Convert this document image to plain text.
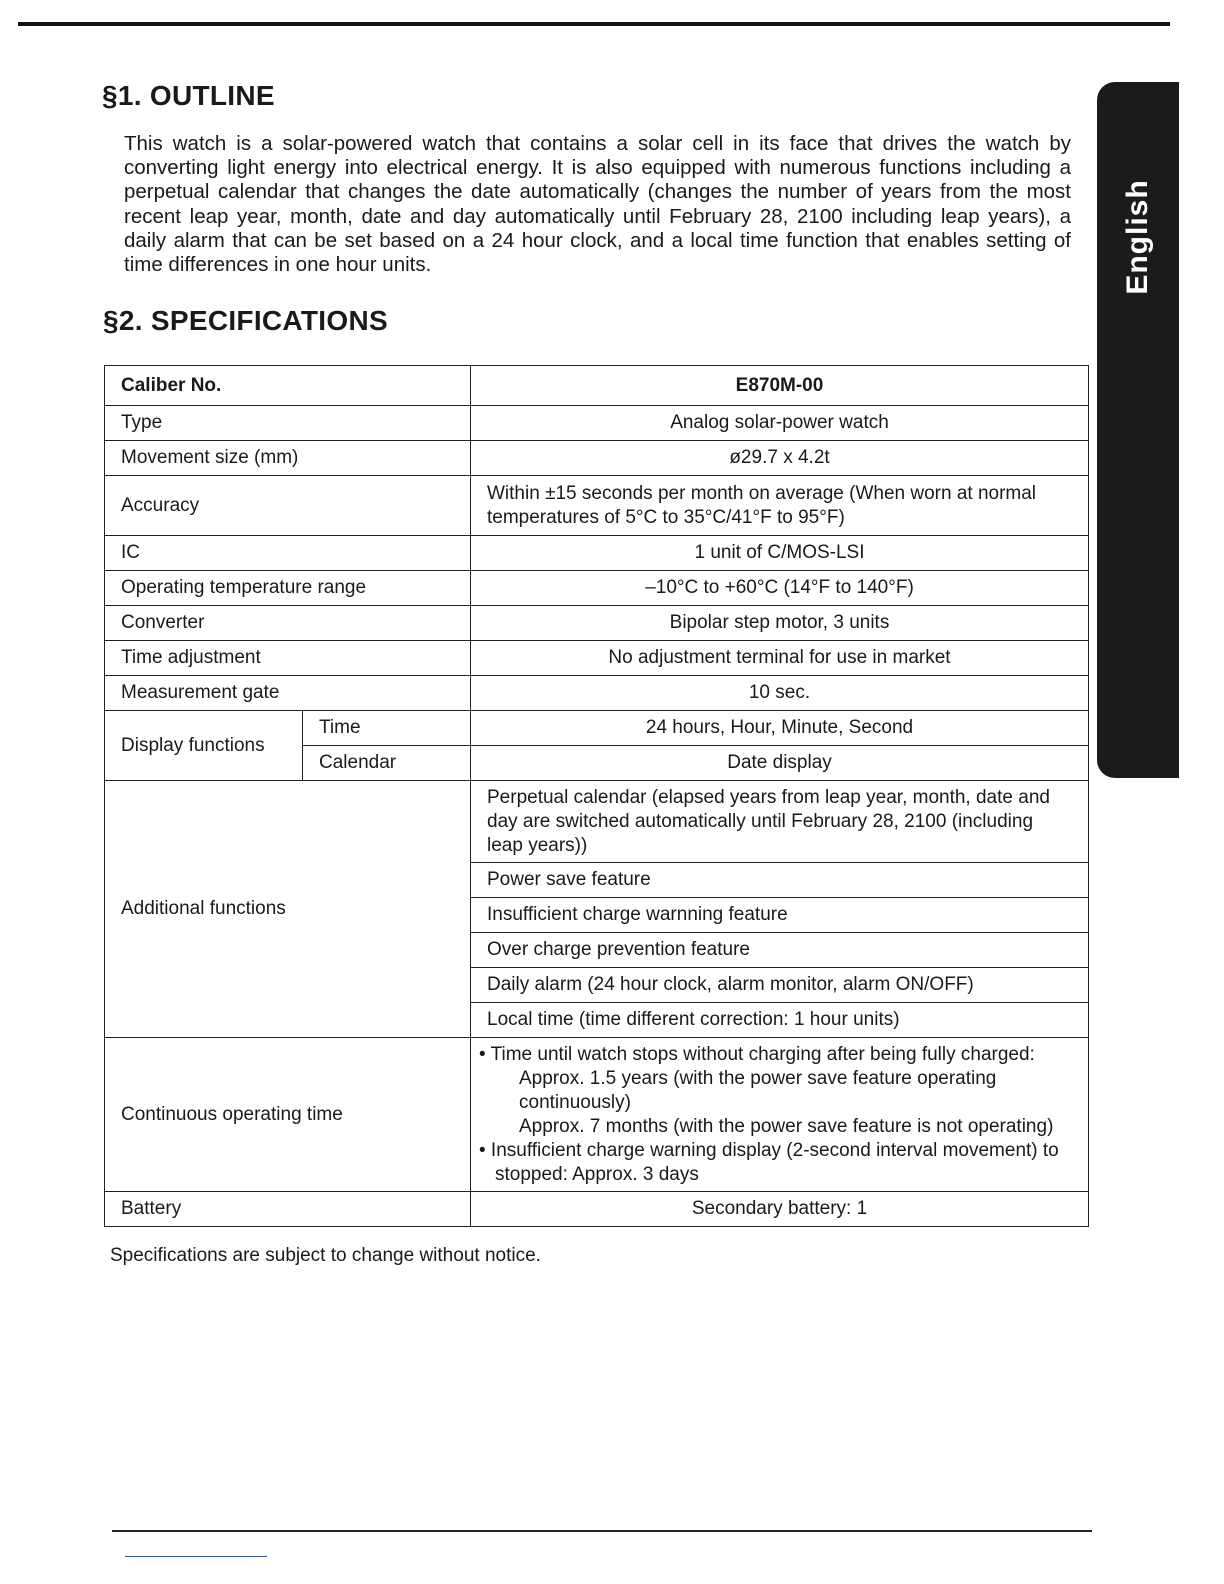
English
§1. OUTLINE

This watch is a solar-powered watch that contains a solar cell in its face that drives the watch by converting light energy into electrical energy. It is also equipped with numerous functions including a perpetual calendar that changes the date automatically (changes the number of years from the most recent leap year, month, date and day automatically until February 28, 2100 including leap years), a daily alarm that can be set based on a 24 hour clock, and a local time function that enables setting of time differences in one hour units.

§2. SPECIFICATIONS
Caliber No.		E870M-00
Type		Analog solar-power watch
Movement size (mm)		ø29.7 x 4.2t
Accuracy		Within ±15 seconds per month on average (When worn at normal temperatures of 5°C to 35°C/41°F to 95°F)
IC		1 unit of C/MOS-LSI
Operating temperature range		–10°C to +60°C (14°F to 140°F)
Converter		Bipolar step motor, 3 units
Time adjustment		No adjustment terminal for use in market
Measurement gate		10 sec.
Display functions	Time	24 hours, Hour, Minute, Second
	Calendar	Date display
Additional functions		Perpetual calendar (elapsed years from leap year, month, date and day are switched automatically until February 28, 2100 (including leap years))
		Power save feature
		Insufficient charge warnning feature
		Over charge prevention feature
		Daily alarm (24 hour clock, alarm monitor, alarm ON/OFF)
		Local time (time different correction: 1 hour units)
Continuous operating time		• Time until watch stops without charging after being fully charged:
Approx. 1.5 years (with the power save feature operating continuously)
Approx. 7 months (with the power save feature is not operating)
• Insufficient charge warning display (2-second interval movement) to stopped: Approx. 3 days

Battery		Secondary battery: 1

Specifications are subject to change without notice.
